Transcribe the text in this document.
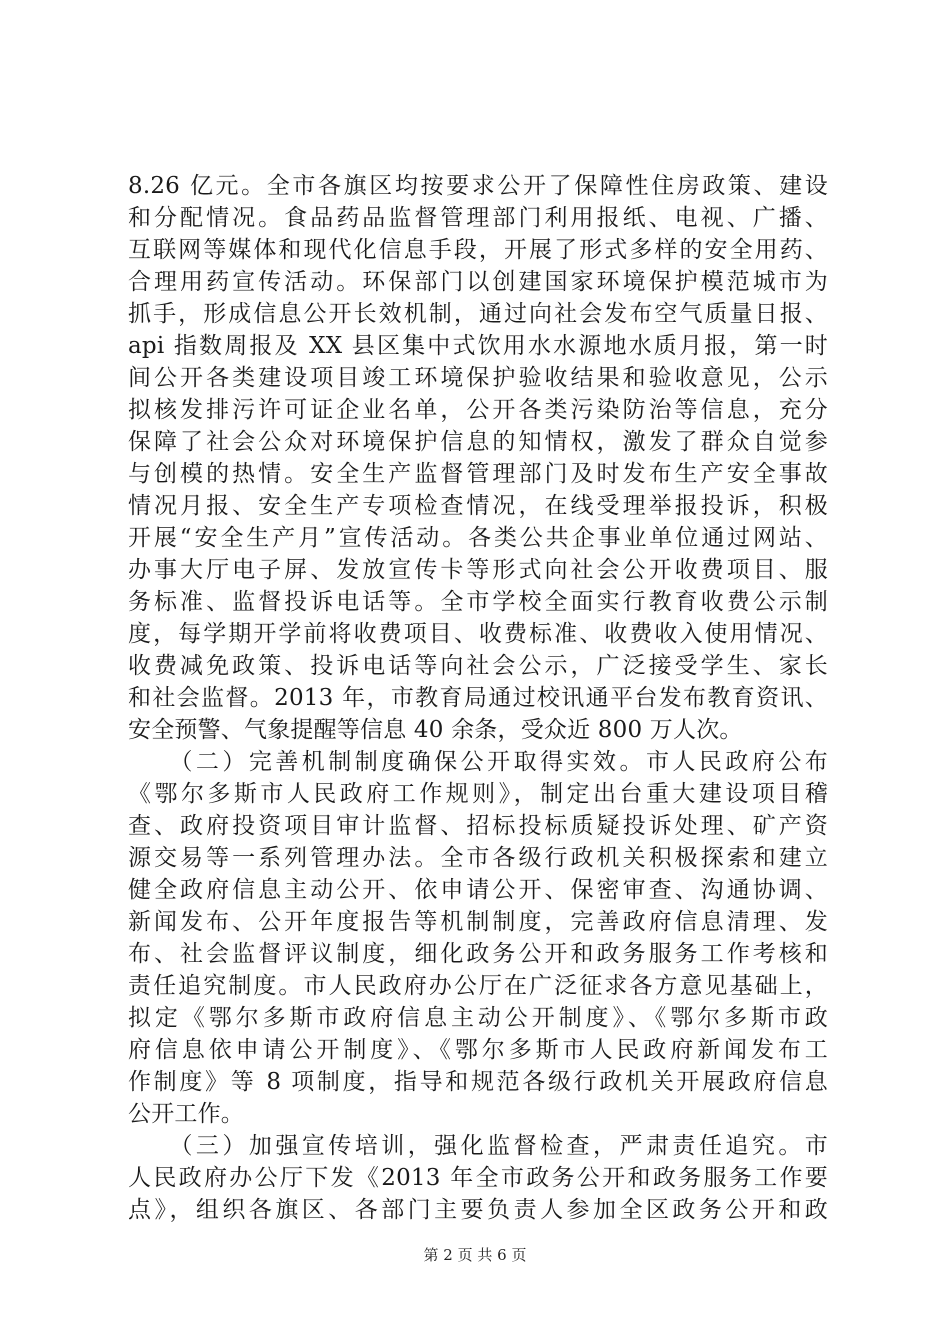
8.26 亿元。全市各旗区均按要求公开了保障性住房政策、建设
和分配情况。食品药品监督管理部门利用报纸、电视、广播、
互联网等媒体和现代化信息手段，开展了形式多样的安全用药、
合理用药宣传活动。环保部门以创建国家环境保护模范城市为
抓手，形成信息公开长效机制，通过向社会发布空气质量日报、
api 指数周报及 XX 县区集中式饮用水水源地水质月报，第一时
间公开各类建设项目竣工环境保护验收结果和验收意见，公示
拟核发排污许可证企业名单，公开各类污染防治等信息，充分
保障了社会公众对环境保护信息的知情权，激发了群众自觉参
与创模的热情。安全生产监督管理部门及时发布生产安全事故
情况月报、安全生产专项检查情况，在线受理举报投诉，积极
开展“安全生产月”宣传活动。各类公共企事业单位通过网站、
办事大厅电子屏、发放宣传卡等形式向社会公开收费项目、服
务标准、监督投诉电话等。全市学校全面实行教育收费公示制
度，每学期开学前将收费项目、收费标准、收费收入使用情况、
收费减免政策、投诉电话等向社会公示，广泛接受学生、家长
和社会监督。2013 年，市教育局通过校讯通平台发布教育资讯、
安全预警、气象提醒等信息 40 余条，受众近 800 万人次。
　　（二）完善机制制度确保公开取得实效。市人民政府公布
《鄂尔多斯市人民政府工作规则》，制定出台重大建设项目稽
查、政府投资项目审计监督、招标投标质疑投诉处理、矿产资
源交易等一系列管理办法。全市各级行政机关积极探索和建立
健全政府信息主动公开、依申请公开、保密审查、沟通协调、
新闻发布、公开年度报告等机制制度，完善政府信息清理、发
布、社会监督评议制度，细化政务公开和政务服务工作考核和
责任追究制度。市人民政府办公厅在广泛征求各方意见基础上，
拟定《鄂尔多斯市政府信息主动公开制度》、《鄂尔多斯市政
府信息依申请公开制度》、《鄂尔多斯市人民政府新闻发布工
作制度》等 8 项制度，指导和规范各级行政机关开展政府信息
公开工作。
　　（三）加强宣传培训，强化监督检查，严肃责任追究。市
人民政府办公厅下发《2013 年全市政务公开和政务服务工作要
点》，组织各旗区、各部门主要负责人参加全区政务公开和政
第 2 页 共 6 页
